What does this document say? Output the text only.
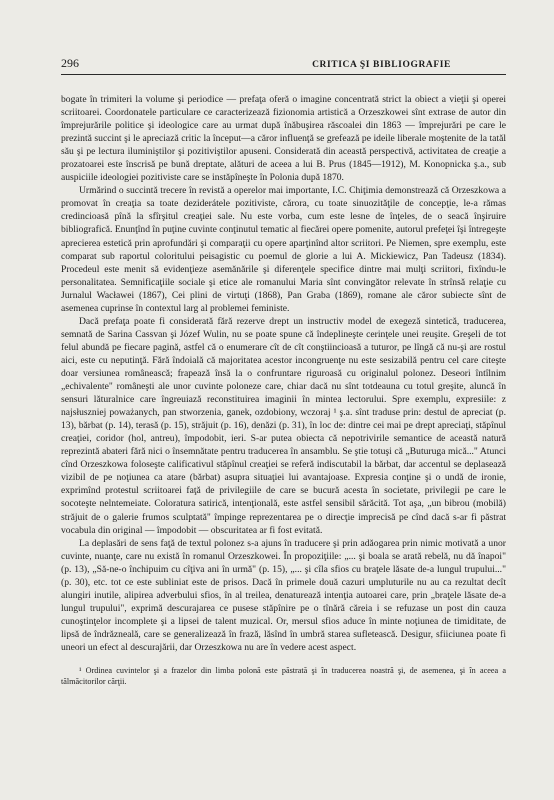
296	CRITICA ŞI BIBLIOGRAFIE

bogate în trimiteri la volume şi periodice — prefaţa oferă o imagine concentrată strict la obiect a vieţii şi operei scriitoarei. Coordonatele particulare ce caracterizează fizionomia artistică a Orzeszkowei sînt extrase de autor din împrejurările politice şi ideologice care au urmat după înăbuşirea răscoalei din 1863 — împrejurări pe care le prezintă succint şi le apreciază critic la început—a căror influenţă se grefează pe ideile liberale moştenite de la tatăl său şi pe lectura iluminiştilor şi pozitiviştilor apuseni. Considerată din această perspectivă, activitatea de creaţie a prozatoarei este înscrisă pe bună dreptate, alături de aceea a lui B. Prus (1845—1912), M. Konopnicka ş.a., sub auspiciile ideologiei pozitiviste care se instăpîneşte în Polonia după 1870.

Urmărind o succintă trecere în revistă a operelor mai importante, I.C. Chiţimia demonstrează că Orzeszkowa a promovat în creaţia sa toate deziderátele pozitiviste, cărora, cu toate sinuozităţile de concepţie, le-a rămas credincioasă pînă la sfîrşitul creaţiei sale. Nu este vorba, cum este lesne de înţeles, de o seacă înşiruire bibliografică. Enunţînd în puţine cuvinte conţinutul tematic al fiecărei opere pomenite, autorul prefeţei îşi întregeşte aprecierea estetică prin aprofundări şi comparaţii cu opere aparţinînd altor scriitori. Pe Niemen, spre exemplu, este comparat sub raportul coloritului peisagistic cu poemul de glorie a lui A. Mickiewicz, Pan Tadeusz (1834). Procedeul este menit să evidenţieze asemănările şi diferenţele specifice dintre mai mulţi scriitori, fixîndu-le personalitatea. Semnificaţiile sociale şi etice ale romanului Maria sînt convingător relevate în strînsă relaţie cu Jurnalul Wacławei (1867), Cei plini de virtuţi (1868), Pan Graba (1869), romane ale căror subiecte sînt de asemenea cuprinse în contextul larg al problemei feministe.

Dacă prefaţa poate fi considerată fără rezerve drept un instructiv model de exegeză sintetică, traducerea, semnată de Sarina Cassvan şi Józef Wulin, nu se poate spune că îndeplineşte cerinţele unei reuşite. Greşeli de tot felul abundă pe fiecare pagină, astfel că o enumerare cît de cît conştiincioasă a tuturor, pe lîngă că nu-şi are rostul aici, este cu neputinţă. Fără îndoială că majoritatea acestor incongruenţe nu este sesizabilă pentru cel care citeşte doar versiunea românească; frapează însă la o confruntare riguroasă cu originalul polonez. Deseori întîlnim „echivalente" româneşti ale unor cuvinte poloneze care, chiar dacă nu sînt totdeauna cu totul greşite, aluncă în sensuri lăturalnice care îngreuiază reconstituirea imaginii în mintea lectorului. Spre exemplu, expresiile: z najsłuszniej poważanych, pan stworzenia, ganek, ozdobiony, wczoraj ¹ ş.a. sînt traduse prin: destul de apreciat (p. 13), bărbat (p. 14), terasă (p. 15), străjuit (p. 16), denăzi (p. 31), în loc de: dintre cei mai pe drept apreciaţi, stăpînul creaţiei, coridor (hol, antreu), împodobit, ieri. S-ar putea obiecta că nepotrivirile semantice de această natură reprezintă abateri fără nici o însemnătate pentru traducerea în ansamblu. Se ştie totuşi că „Buturuga mică..." Atunci cînd Orzeszkowa foloseşte calificativul stăpînul creaţiei se referă indiscutabil la bărbat, dar accentul se deplasează vizibil de pe noţiunea ca atare (bărbat) asupra situaţiei lui avantajoase. Expresia conţine şi o undă de ironie, exprimînd protestul scriitoarei faţă de privilegiile de care se bucură acesta în societate, privilegii pe care le socoteşte nelntemeiate. Coloratura satirică, intenţională, este astfel sensibil sărăcită. Tot aşa, „un bibrou (mobilă) străjuit de o galerie frumos sculptată" împinge reprezentarea pe o direcţie imprecisă pe cînd dacă s-ar fi păstrat vocabula din original — împodobit — obscuritatea ar fi fost evitată.

La deplasări de sens faţă de textul polonez s-a ajuns în traducere şi prin adăogarea prin nimic motivată a unor cuvinte, nuanţe, care nu există în romanul Orzeszkowei. În propoziţiile: „... şi boala se arată rebelă, nu dă înapoi" (p. 13), „Să-ne-o închipuim cu cîţiva ani în urmă" (p. 15), „... şi cîla sfios cu braţele lăsate de-a lungul trupului..." (p. 30), etc. tot ce este subliniat este de prisos. Dacă în primele două cazuri umpluturile nu au ca rezultat decît alungiri inutile, alipirea adverbului sfios, în al treilea, denaturează intenţia autoarei care, prin „braţele lăsate de-a lungul trupului", exprimă descurajarea ce pusese stăpînire pe o tînără căreia i se refuzase un post din cauza cunoştinţelor incomplete şi a lipsei de talent muzical. Or, mersul sfios aduce în minte noţiunea de timiditate, de lipsă de îndrăzneală, care se generalizează în frază, lăsînd în umbră starea sufletească. Desigur, sfiiciunea poate fi uneori un efect al descurajării, dar Orzeszkowa nu are în vedere acest aspect.

¹ Ordinea cuvintelor şi a frazelor din limba polonă este păstrată şi în traducerea noastră şi, de asemenea, şi în aceea a tălmăcitorilor cărţii.
